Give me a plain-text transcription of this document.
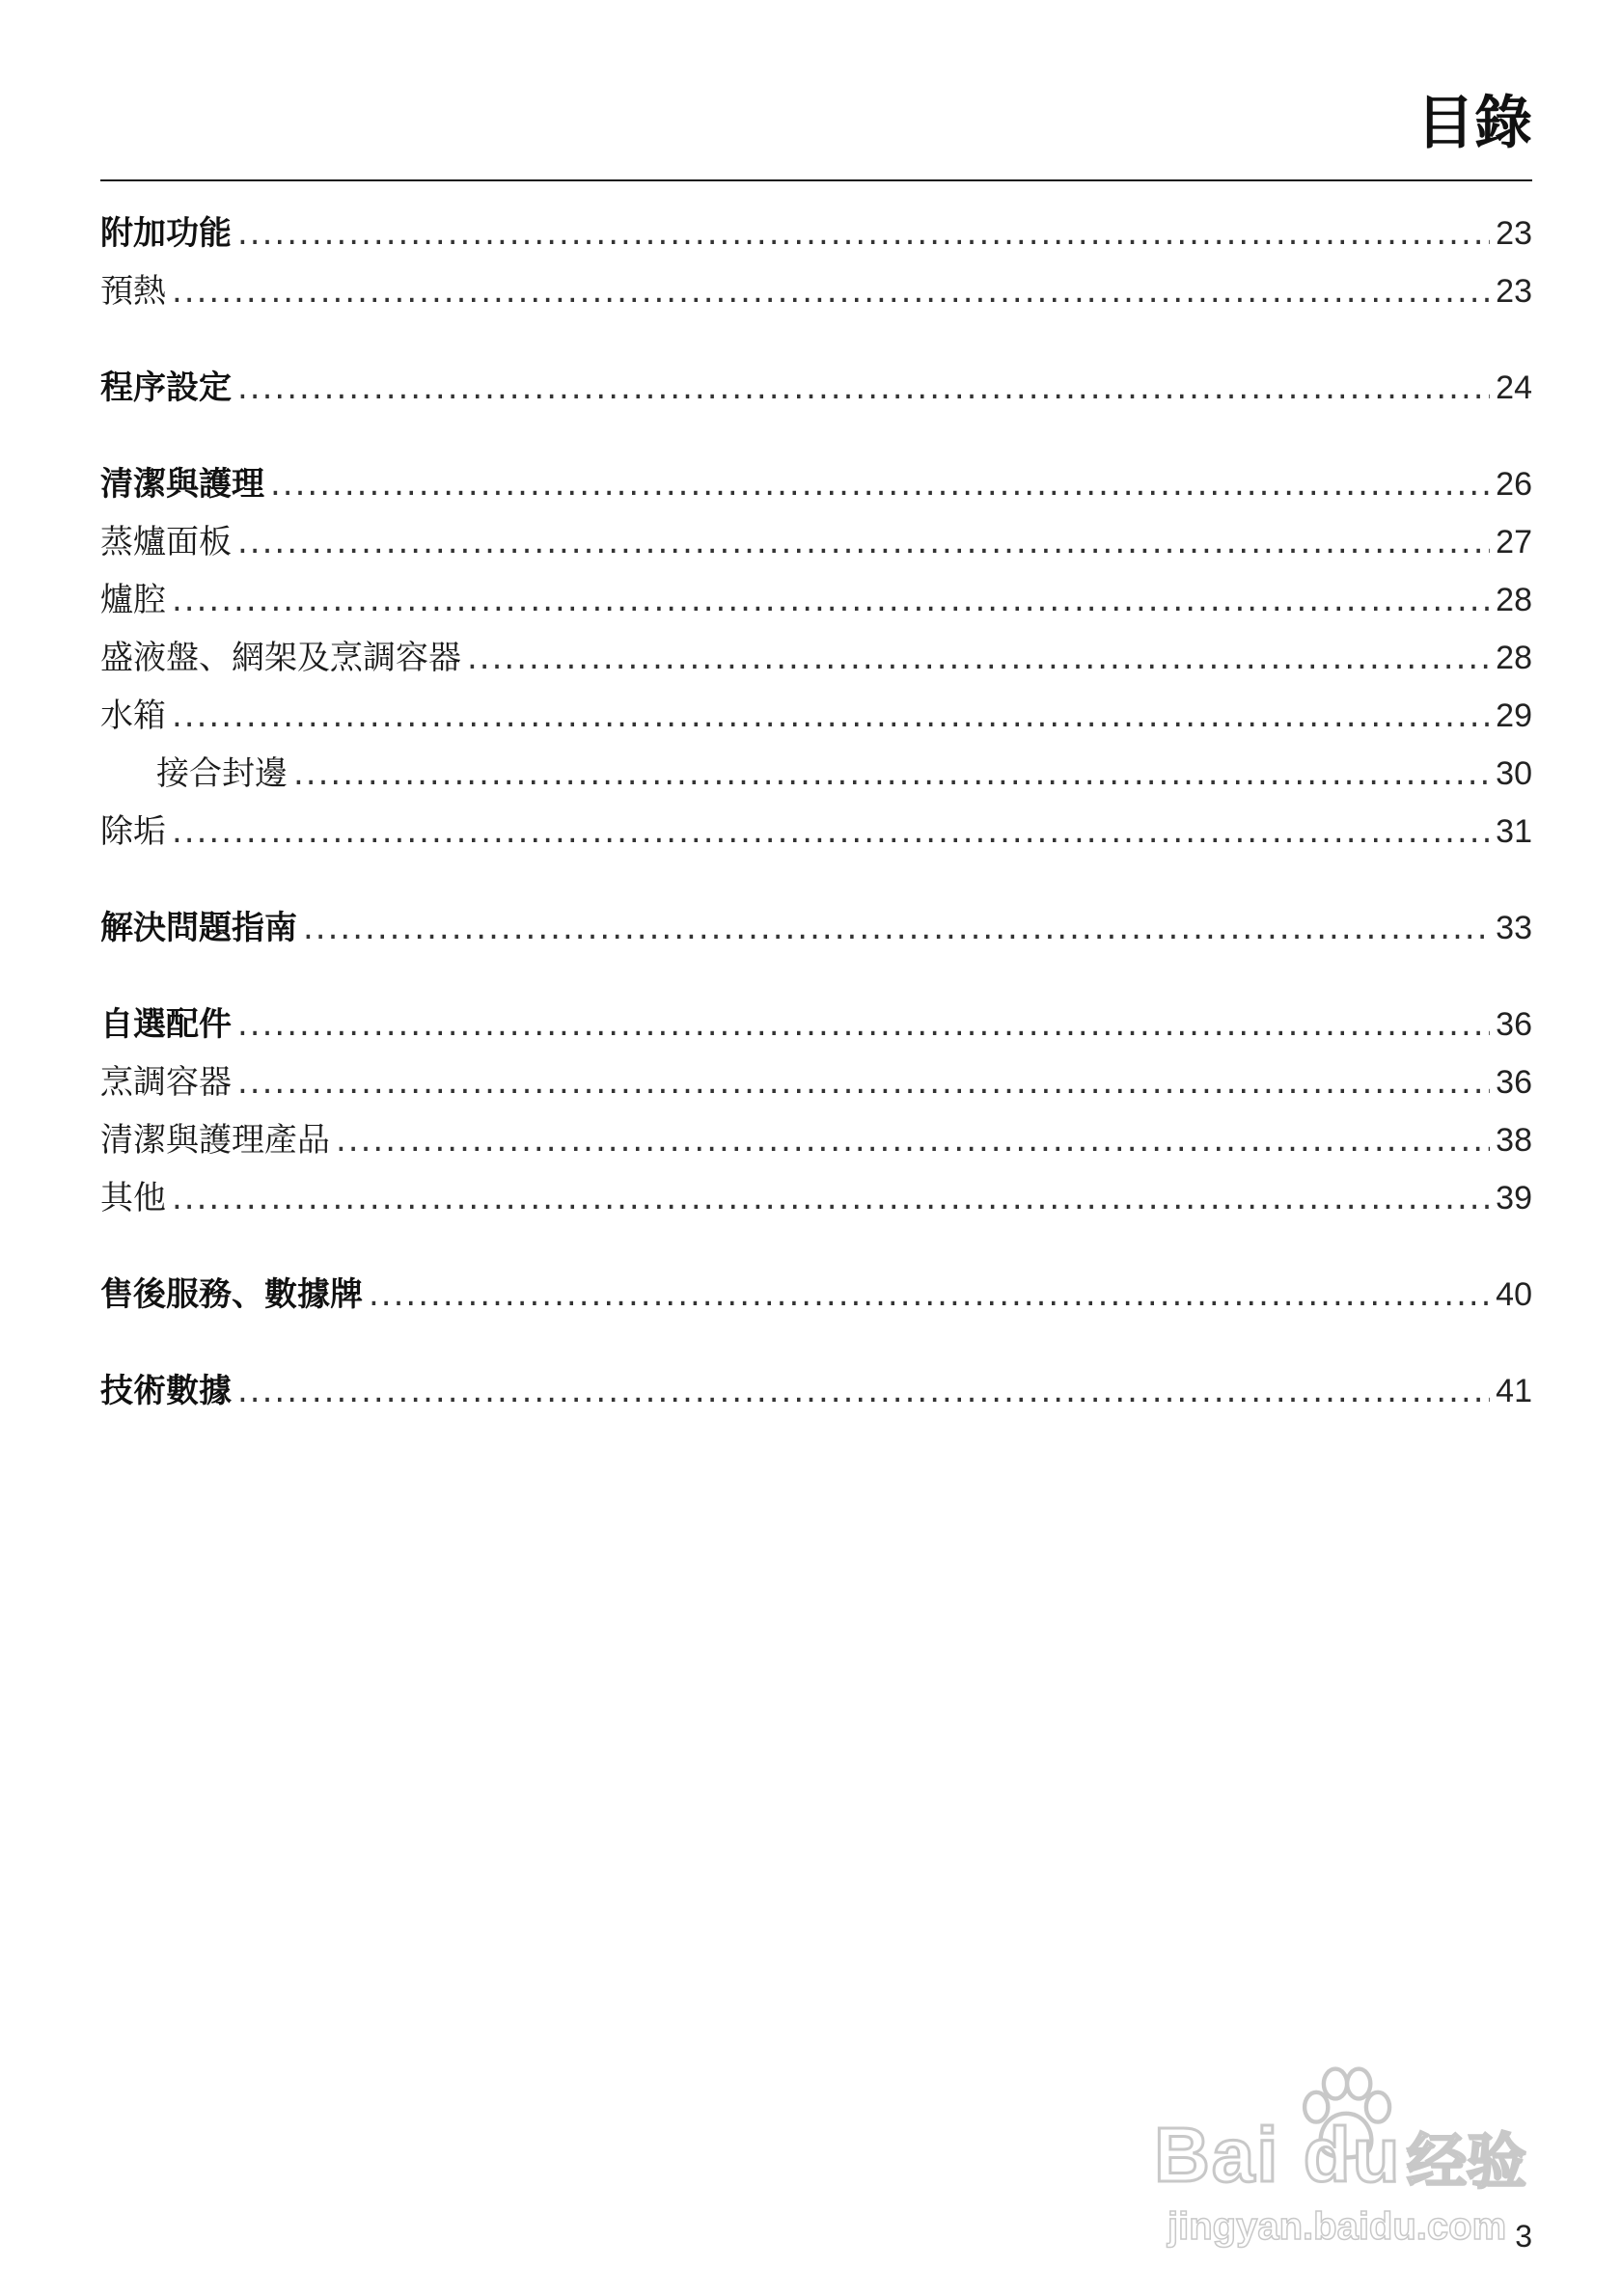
目錄
附加功能 .....	23
預熱 .....	23
程序設定 .....	24
清潔與護理 .....	26
蒸爐面板 .....	27
爐腔 .....	28
盛液盤、網架及烹調容器 .....	28
水箱 .....	29
接合封邊 .....	30
除垢 .....	31
解決問題指南 .....	33
自選配件 .....	36
烹調容器 .....	36
清潔與護理產品 .....	38
其他 .....	39
售後服務、數據牌 .....	40
技術數據 .....	41
Bai du 经验
jingyan.baidu.com 3
